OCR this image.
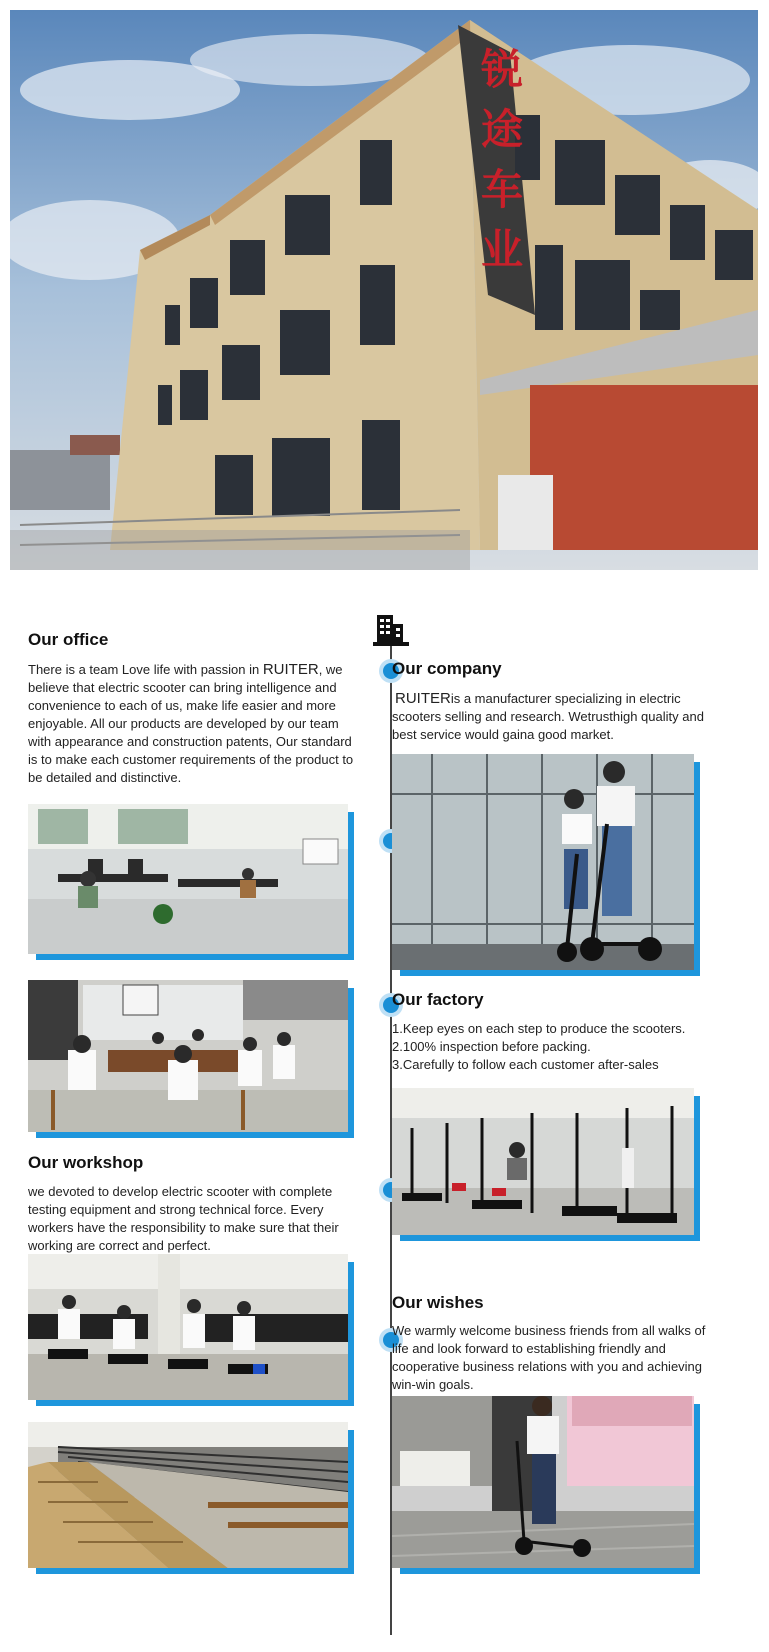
锐
途
车
业
Our office
There is a team Love life with passion in RUITER, we believe that electric scooter can bring intelligence and convenience to each of us, make life easier and more enjoyable. All our products are developed by our team with appearance and construction patents, Our standard is to make each customer requirements of the product to be detailed and distinctive.
Our company
RUITERis a manufacturer specializing in electric scooters selling and research. Wetrusthigh quality and best service would gaina good market.
Our factory
1.Keep eyes on each step to produce the scooters.
2.100% inspection before packing.
3.Carefully to follow each customer after-sales
Our workshop
we devoted to develop electric scooter with complete testing equipment and strong technical force. Every workers have the responsibility to make sure that their working are correct and perfect.
Our wishes
We warmly welcome business friends from all walks of life and look forward to establishing friendly and cooperative business relations with you and achieving win-win goals.
